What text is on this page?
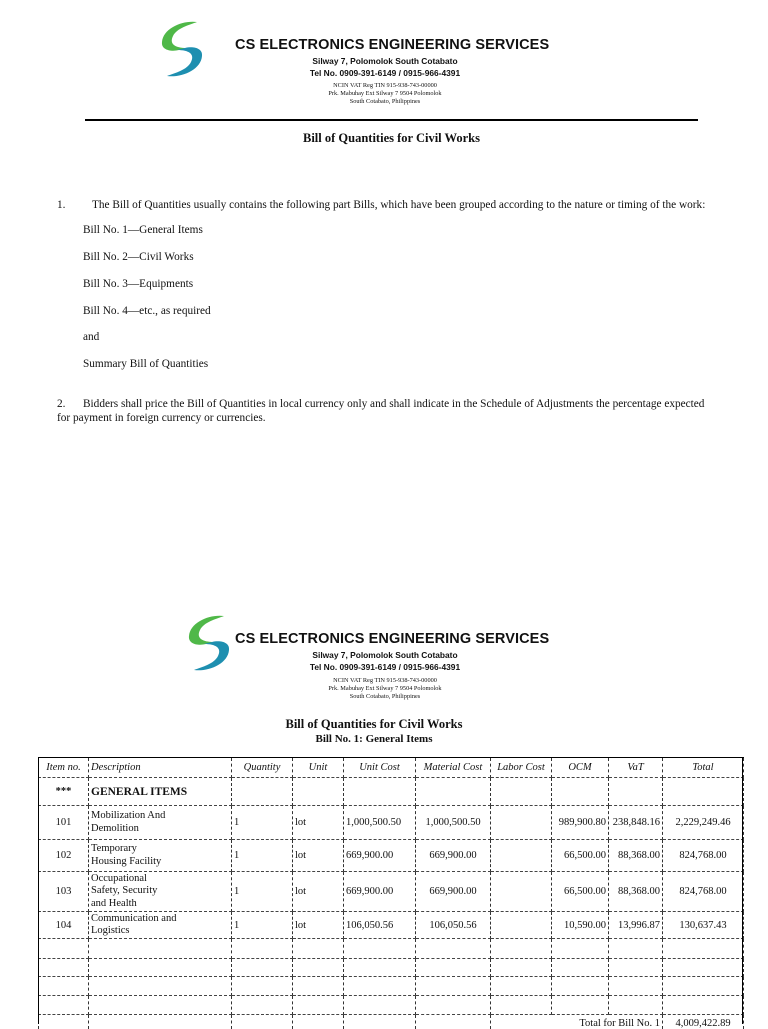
CS ELECTRONICS ENGINEERING SERVICES
Silway 7, Polomolok South Cotabato
Tel No. 0909-391-6149 / 0915-966-4391
NCIN VAT Reg TIN 915-938-743-00000
Prk. Mabuhay Ext Silway 7 9504 Polomolok
South Cotabato, Philippines
Bill of Quantities for Civil Works
1. The Bill of Quantities usually contains the following part Bills, which have been grouped according to the nature or timing of the work:
Bill No. 1—General Items
Bill No. 2—Civil Works
Bill No. 3—Equipments
Bill No. 4—etc., as required
and
Summary Bill of Quantities
2. Bidders shall price the Bill of Quantities in local currency only and shall indicate in the Schedule of Adjustments the percentage expected
for payment in foreign currency or currencies.
CS ELECTRONICS ENGINEERING SERVICES
Silway 7, Polomolok South Cotabato
Tel No. 0909-391-6149 / 0915-966-4391
NCIN VAT Reg TIN 915-938-743-00000
Prk. Mabuhay Ext Silway 7 9504 Polomolok
South Cotabato, Philippines
Bill of Quantities for Civil Works
Bill No. 1: General Items
Item no.	Description	Quantity	Unit	Unit Cost	Material Cost	Labor Cost	OCM	VaT	Total
***	GENERAL ITEMS								
101	Mobilization And
Demolition	1	lot	1,000,500.50	1,000,500.50		989,900.80	238,848.16	2,229,249.46
102	Temporary
Housing Facility	1	lot	669,900.00	669,900.00		66,500.00	88,368.00	824,768.00
103	Occupational
Safety, Security
and Health	1	lot	669,900.00	669,900.00		66,500.00	88,368.00	824,768.00
104	Communication and
Logistics	1	lot	106,050.56	106,050.56		10,590.00	13,996.87	130,637.43

						Total for Bill No. 1			4,009,422.89
